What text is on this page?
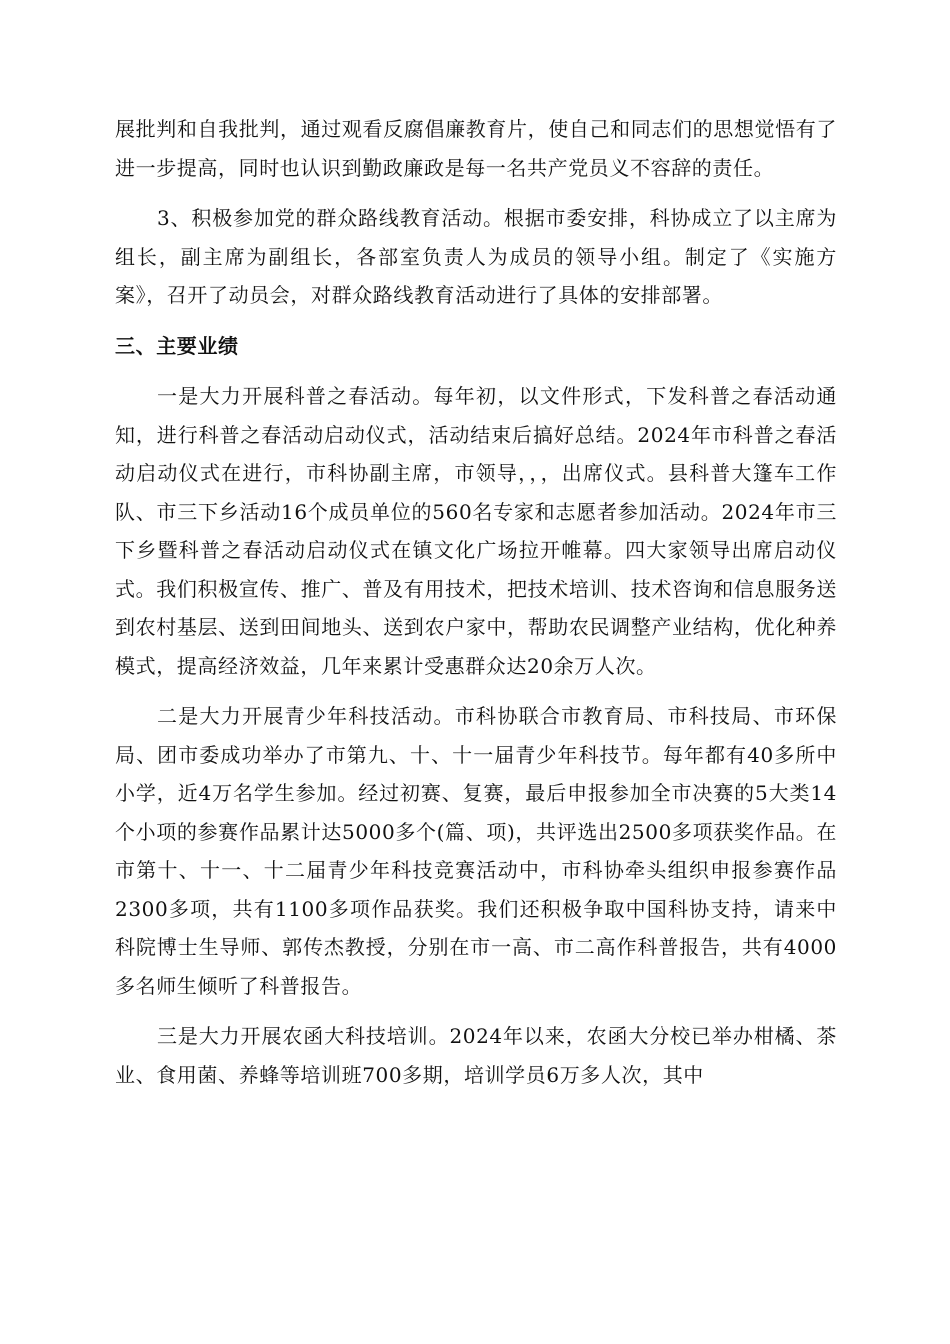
展批判和自我批判，通过观看反腐倡廉教育片，使自己和同志们的思想觉悟有了进一步提高，同时也认识到勤政廉政是每一名共产党员义不容辞的责任。

3、积极参加党的群众路线教育活动。根据市委安排，科协成立了以主席为组长，副主席为副组长，各部室负责人为成员的领导小组。制定了《实施方案》，召开了动员会，对群众路线教育活动进行了具体的安排部署。

三、主要业绩

一是大力开展科普之春活动。每年初，以文件形式，下发科普之春活动通知，进行科普之春活动启动仪式，活动结束后搞好总结。2024年市科普之春活动启动仪式在进行，市科协副主席，市领导，，，出席仪式。县科普大篷车工作队、市三下乡活动16个成员单位的560名专家和志愿者参加活动。2024年市三下乡暨科普之春活动启动仪式在镇文化广场拉开帷幕。四大家领导出席启动仪式。我们积极宣传、推广、普及有用技术，把技术培训、技术咨询和信息服务送到农村基层、送到田间地头、送到农户家中，帮助农民调整产业结构，优化种养模式，提高经济效益，几年来累计受惠群众达20余万人次。

二是大力开展青少年科技活动。市科协联合市教育局、市科技局、市环保局、团市委成功举办了市第九、十、十一届青少年科技节。每年都有40多所中小学，近4万名学生参加。经过初赛、复赛，最后申报参加全市决赛的5大类14个小项的参赛作品累计达5000多个(篇、项)，共评选出2500多项获奖作品。在市第十、十一、十二届青少年科技竞赛活动中，市科协牵头组织申报参赛作品2300多项，共有1100多项作品获奖。我们还积极争取中国科协支持，请来中科院博士生导师、郭传杰教授，分别在市一高、市二高作科普报告，共有4000多名师生倾听了科普报告。

三是大力开展农函大科技培训。2024年以来，农函大分校已举办柑橘、茶业、食用菌、养蜂等培训班700多期，培训学员6万多人次，其中
